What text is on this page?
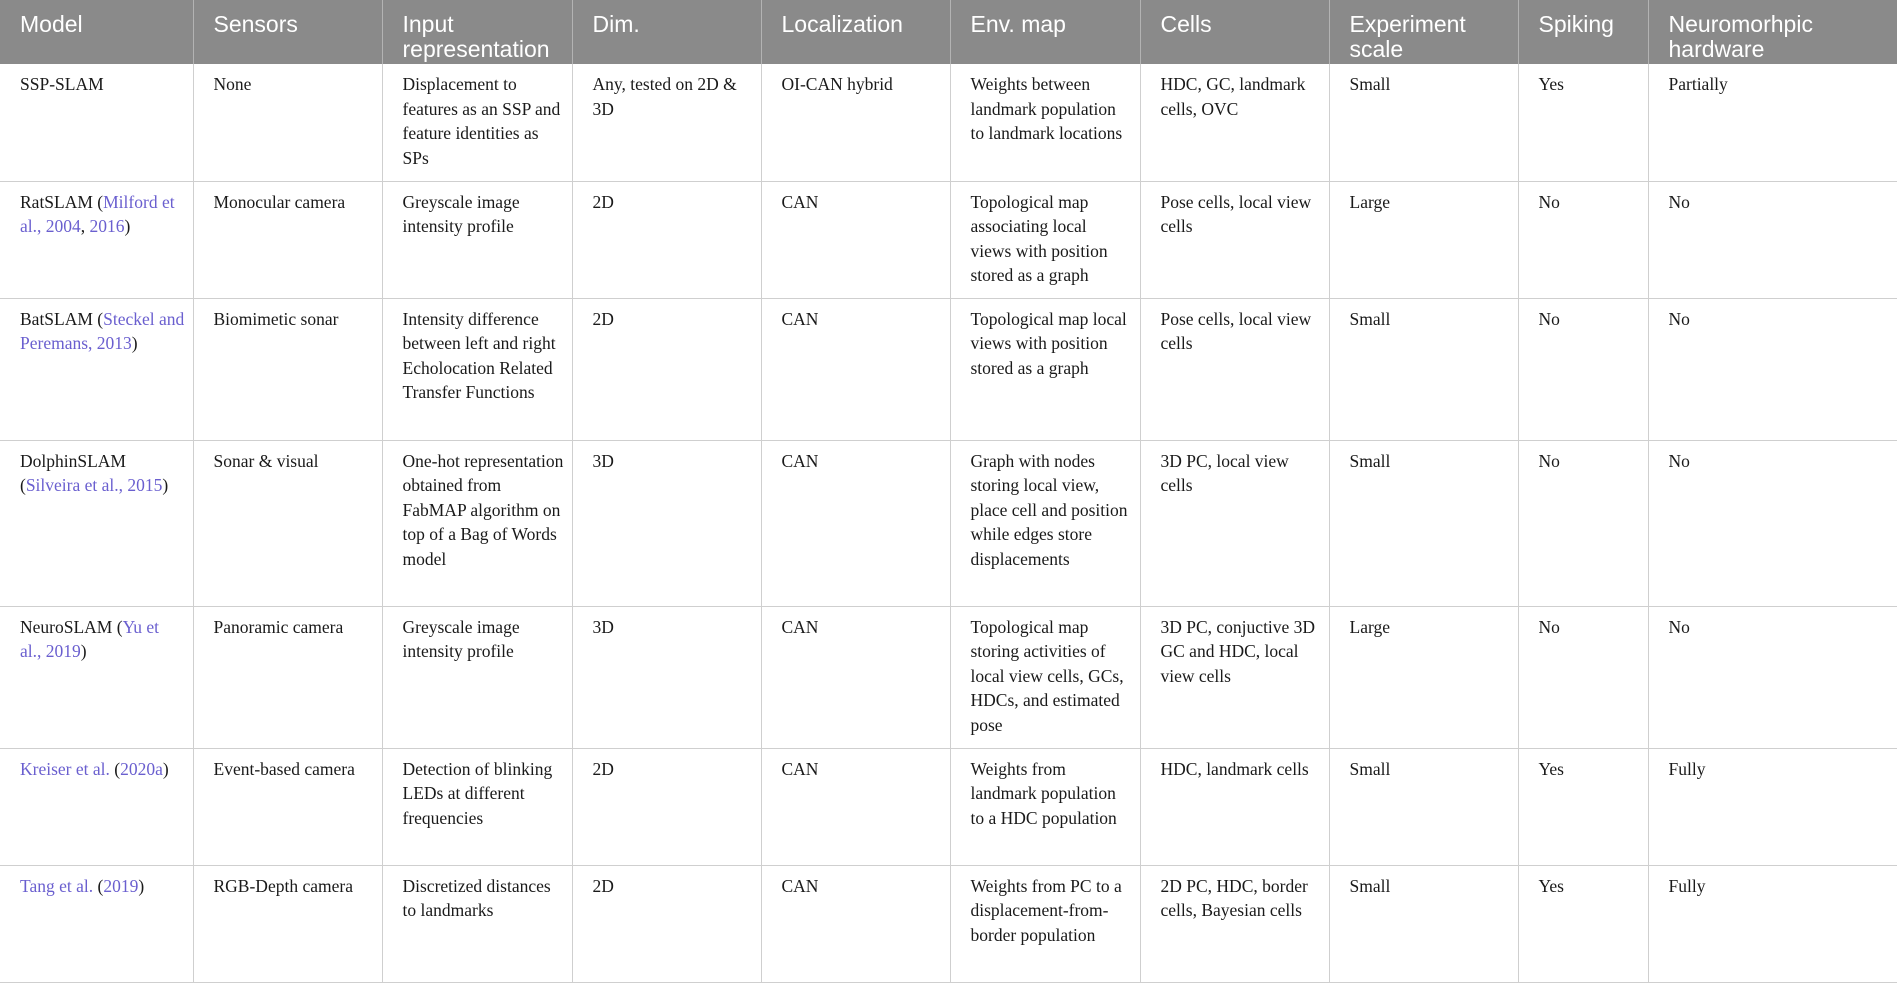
Model	Sensors	Input representation	Dim.	Localization	Env. map	Cells	Experiment scale	Spiking	Neuromorhpic hardware
SSP-SLAM	None	Displacement to features as an SSP and feature identities as SPs	Any, tested on 2D & 3D	OI-CAN hybrid	Weights between landmark population to landmark locations	HDC, GC, landmark cells, OVC	Small	Yes	Partially
RatSLAM (Milford et al., 2004, 2016)	Monocular camera	Greyscale image intensity profile	2D	CAN	Topological map associating local views with position stored as a graph	Pose cells, local view cells	Large	No	No
BatSLAM (Steckel and Peremans, 2013)	Biomimetic sonar	Intensity difference between left and right Echolocation Related Transfer Functions	2D	CAN	Topological map local views with position stored as a graph	Pose cells, local view cells	Small	No	No
DolphinSLAM (Silveira et al., 2015)	Sonar & visual	One-hot representation obtained from FabMAP algorithm on top of a Bag of Words model	3D	CAN	Graph with nodes storing local view, place cell and position while edges store displacements	3D PC, local view cells	Small	No	No
NeuroSLAM (Yu et al., 2019)	Panoramic camera	Greyscale image intensity profile	3D	CAN	Topological map storing activities of local view cells, GCs, HDCs, and estimated pose	3D PC, conjuctive 3D GC and HDC, local view cells	Large	No	No
Kreiser et al. (2020a)	Event-based camera	Detection of blinking LEDs at different frequencies	2D	CAN	Weights from landmark population to a HDC population	HDC, landmark cells	Small	Yes	Fully
Tang et al. (2019)	RGB-Depth camera	Discretized distances to landmarks	2D	CAN	Weights from PC to a displacement-from-border population	2D PC, HDC, border cells, Bayesian cells	Small	Yes	Fully
